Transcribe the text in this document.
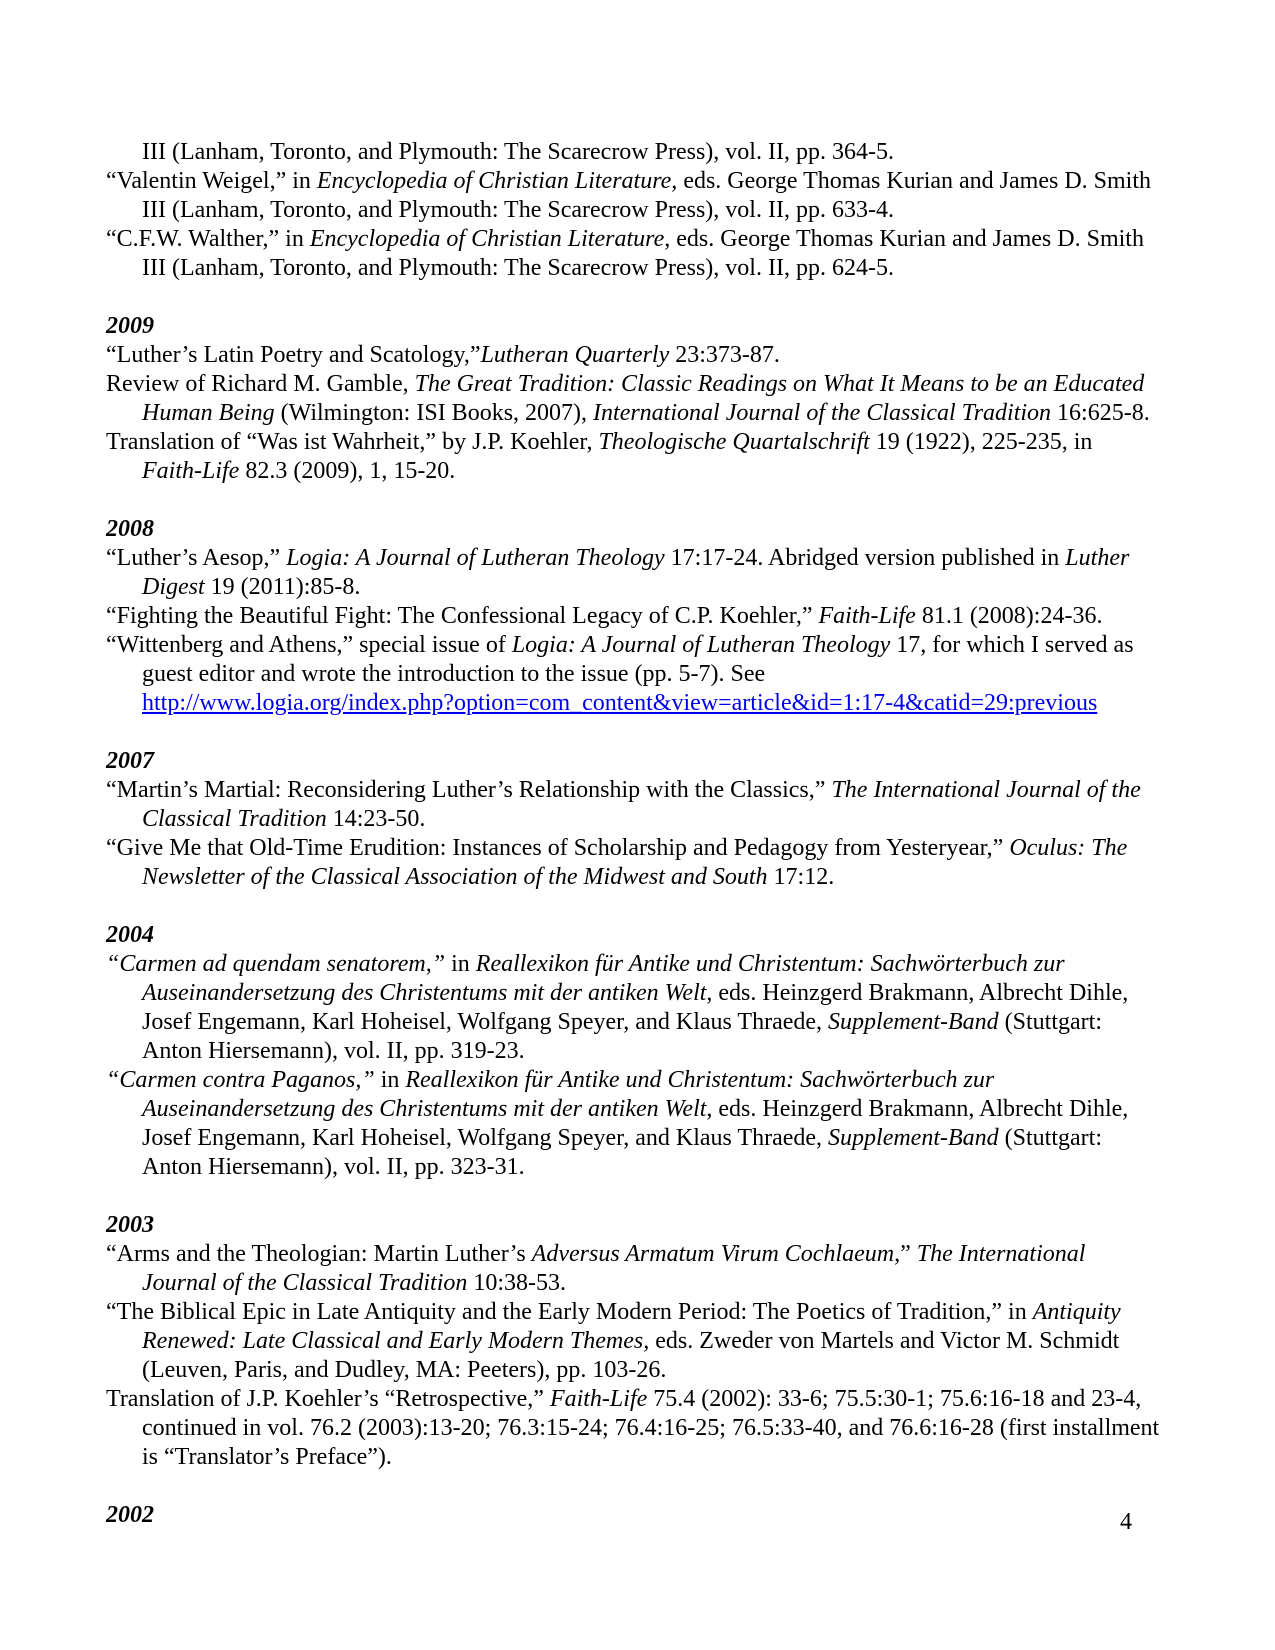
III (Lanham, Toronto, and Plymouth: The Scarecrow Press), vol. II, pp. 364-5.
“Valentin Weigel,” in Encyclopedia of Christian Literature, eds. George Thomas Kurian and James D. Smith
III (Lanham, Toronto, and Plymouth: The Scarecrow Press), vol. II, pp. 633-4.
“C.F.W. Walther,” in Encyclopedia of Christian Literature, eds. George Thomas Kurian and James D. Smith
III (Lanham, Toronto, and Plymouth: The Scarecrow Press), vol. II, pp. 624-5.
2009
“Luther’s Latin Poetry and Scatology,”Lutheran Quarterly 23:373-87.
Review of Richard M. Gamble, The Great Tradition: Classic Readings on What It Means to be an Educated
Human Being (Wilmington: ISI Books, 2007), International Journal of the Classical Tradition 16:625-8.
Translation of “Was ist Wahrheit,” by J.P. Koehler, Theologische Quartalschrift 19 (1922), 225-235, in
Faith-Life 82.3 (2009), 1, 15-20.
2008
“Luther’s Aesop,” Logia: A Journal of Lutheran Theology 17:17-24. Abridged version published in Luther
Digest 19 (2011):85-8.
“Fighting the Beautiful Fight: The Confessional Legacy of C.P. Koehler,” Faith-Life 81.1 (2008):24-36.
“Wittenberg and Athens,” special issue of Logia: A Journal of Lutheran Theology 17, for which I served as
guest editor and wrote the introduction to the issue (pp. 5-7). See
http://www.logia.org/index.php?option=com_content&view=article&id=1:17-4&catid=29:previous
2007
“Martin’s Martial: Reconsidering Luther’s Relationship with the Classics,” The International Journal of the
Classical Tradition 14:23-50.
“Give Me that Old-Time Erudition: Instances of Scholarship and Pedagogy from Yesteryear,” Oculus: The
Newsletter of the Classical Association of the Midwest and South 17:12.
2004
“Carmen ad quendam senatorem,” in Reallexikon für Antike und Christentum: Sachwörterbuch zur
Auseinandersetzung des Christentums mit der antiken Welt, eds. Heinzgerd Brakmann, Albrecht Dihle,
Josef Engemann, Karl Hoheisel, Wolfgang Speyer, and Klaus Thraede, Supplement-Band (Stuttgart:
Anton Hiersemann), vol. II, pp. 319-23.
“Carmen contra Paganos,” in Reallexikon für Antike und Christentum: Sachwörterbuch zur
Auseinandersetzung des Christentums mit der antiken Welt, eds. Heinzgerd Brakmann, Albrecht Dihle,
Josef Engemann, Karl Hoheisel, Wolfgang Speyer, and Klaus Thraede, Supplement-Band (Stuttgart:
Anton Hiersemann), vol. II, pp. 323-31.
2003
“Arms and the Theologian: Martin Luther’s Adversus Armatum Virum Cochlaeum,” The International
Journal of the Classical Tradition 10:38-53.
“The Biblical Epic in Late Antiquity and the Early Modern Period: The Poetics of Tradition,” in Antiquity
Renewed: Late Classical and Early Modern Themes, eds. Zweder von Martels and Victor M. Schmidt
(Leuven, Paris, and Dudley, MA: Peeters), pp. 103-26.
Translation of J.P. Koehler’s “Retrospective,” Faith-Life 75.4 (2002): 33-6; 75.5:30-1; 75.6:16-18 and 23-4,
continued in vol. 76.2 (2003):13-20; 76.3:15-24; 76.4:16-25; 76.5:33-40, and 76.6:16-28 (first installment
is “Translator’s Preface”).
2002	4
